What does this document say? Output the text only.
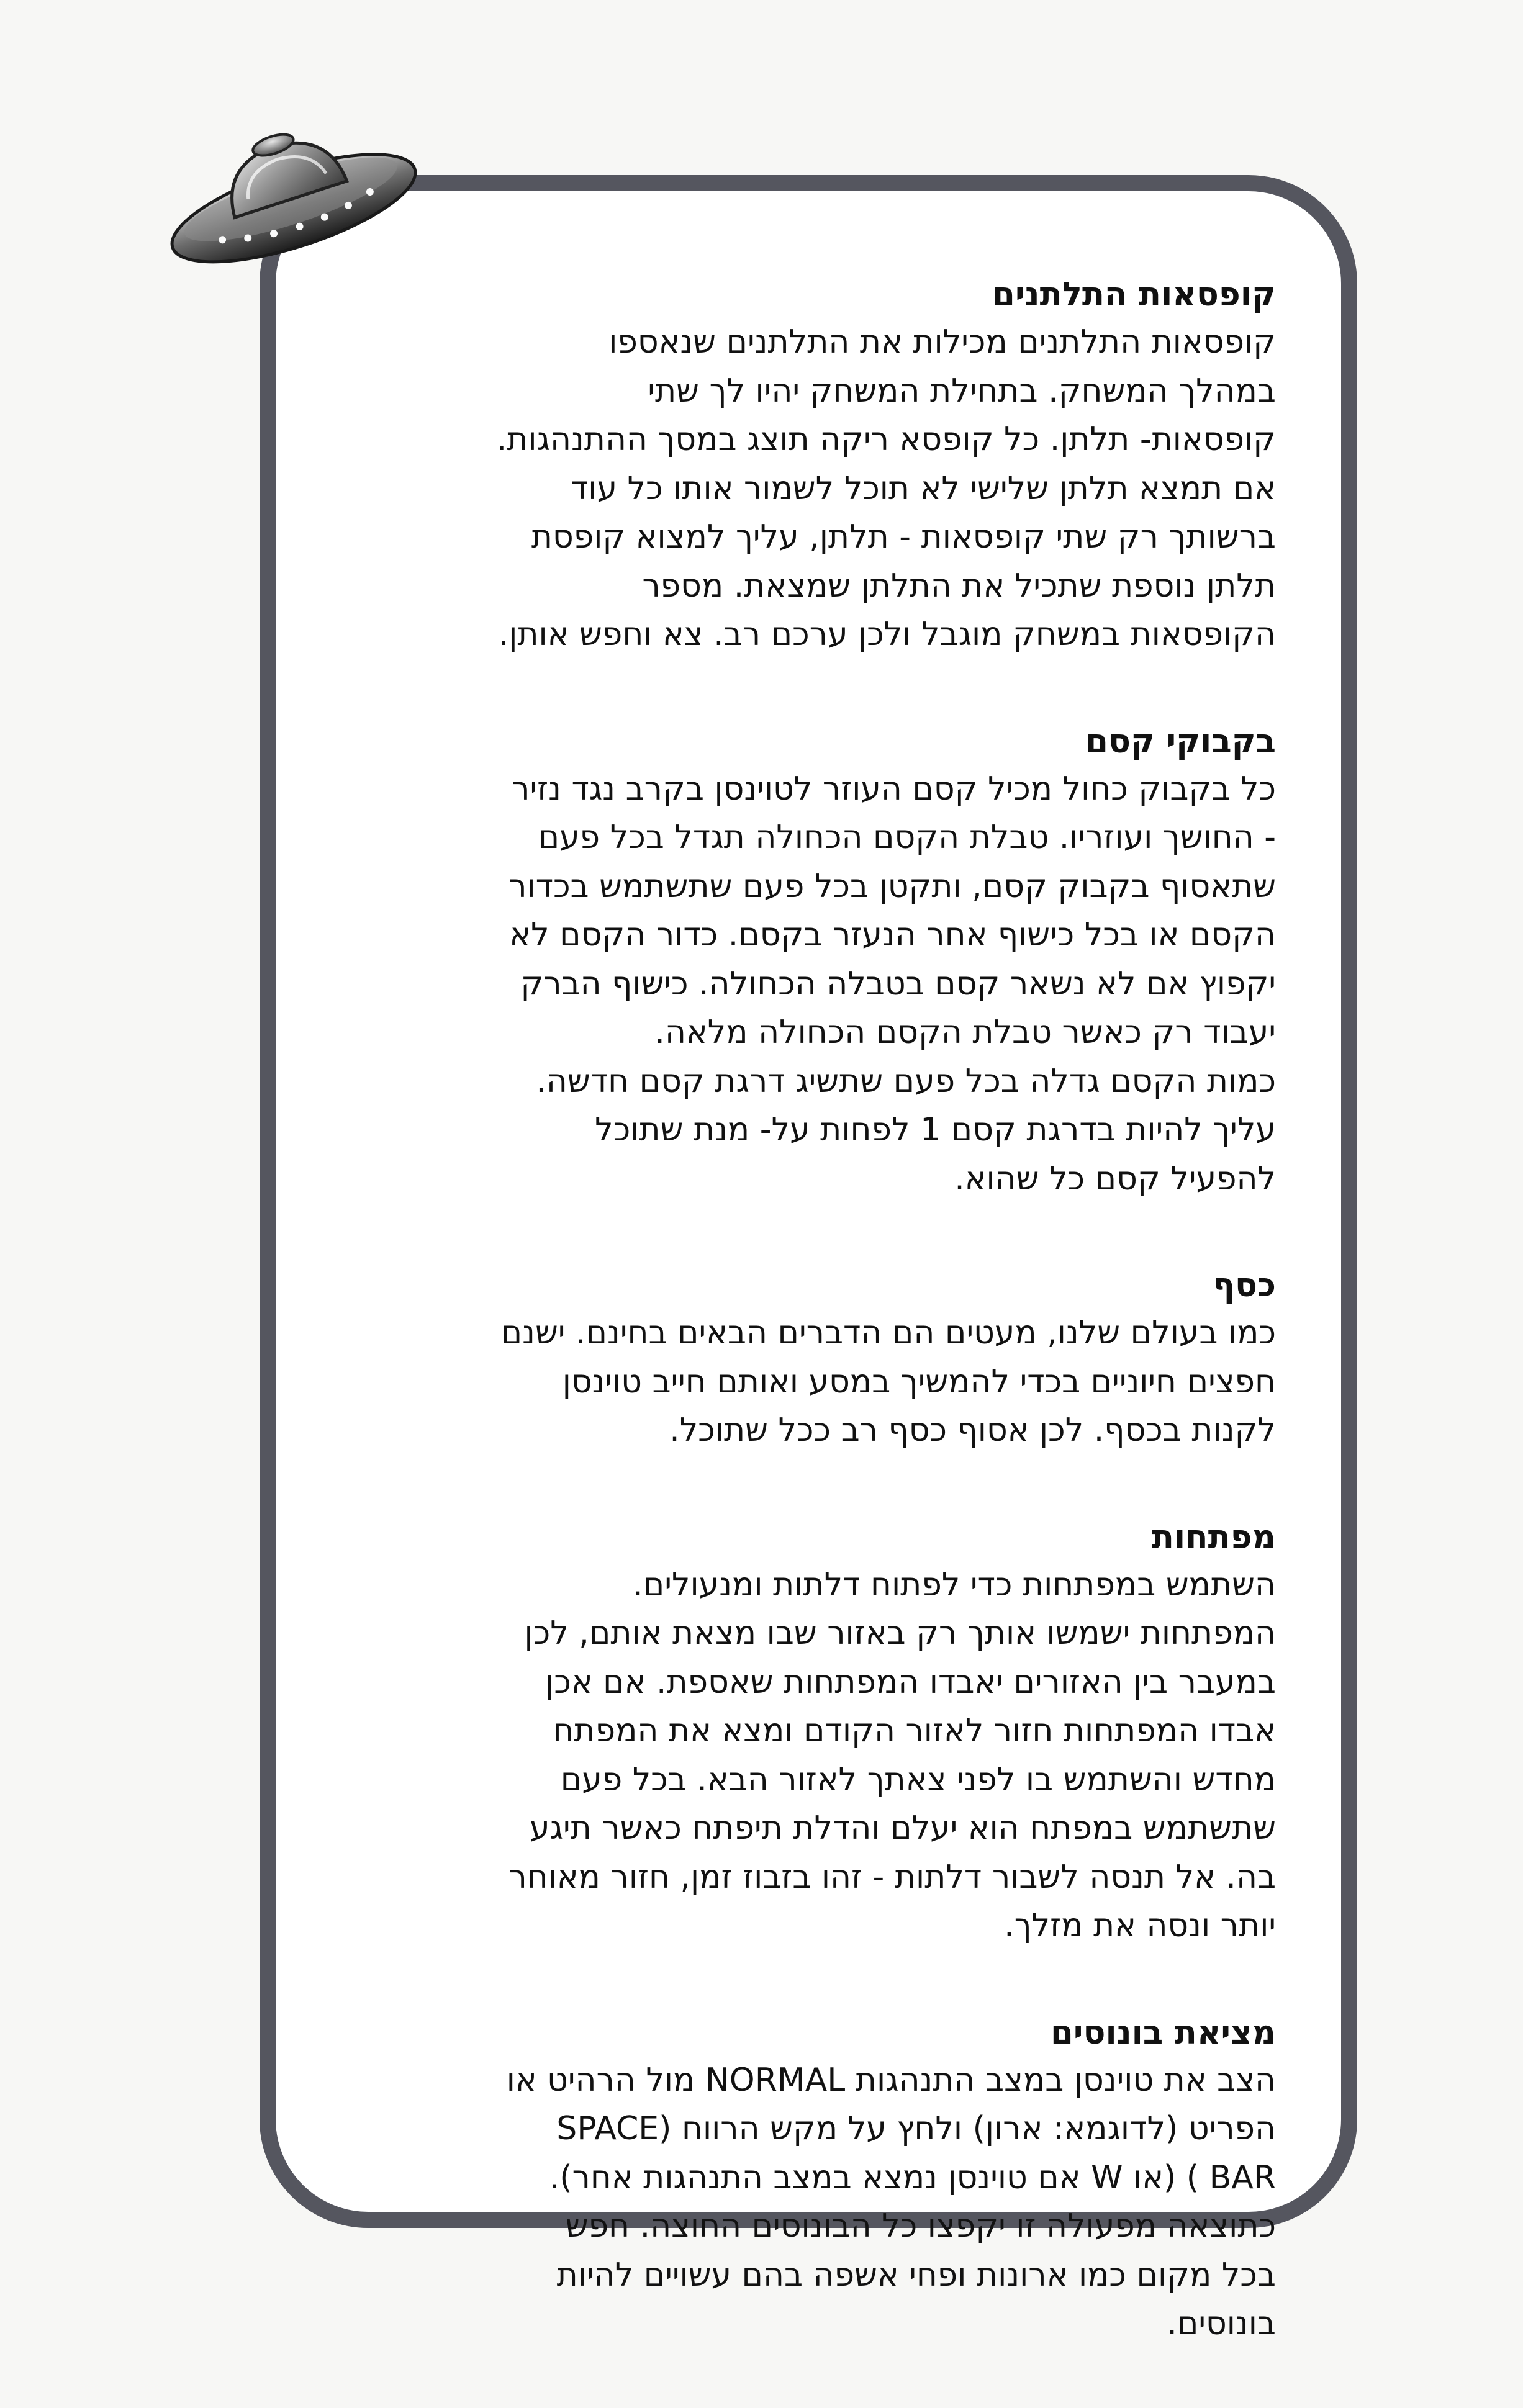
קופסאות התלתנים

קופסאות התלתנים מכילות את התלתנים שנאספו

במהלך המשחק. בתחילת המשחק יהיו לך שתי

קופסאות- תלתן. כל קופסא ריקה תוצג במסך ההתנהגות.

אם תמצא תלתן שלישי לא תוכל לשמור אותו כל עוד

ברשותך רק שתי קופסאות - תלתן, עליך למצוא קופסת

תלתן נוספת שתכיל את התלתן שמצאת. מספר

הקופסאות במשחק מוגבל ולכן ערכם רב. צא וחפש אותן.

בקבוקי קסם

כל בקבוק כחול מכיל קסם העוזר לטוינסן בקרב נגד נזיר

- החושך ועוזריו. טבלת הקסם הכחולה תגדל בכל פעם

שתאסוף בקבוק קסם, ותקטן בכל פעם שתשתמש בכדור

הקסם או בכל כישוף אחר הנעזר בקסם. כדור הקסם לא

יקפוץ אם לא נשאר קסם בטבלה הכחולה. כישוף הברק

יעבוד רק כאשר טבלת הקסם הכחולה מלאה.

כמות הקסם גדלה בכל פעם שתשיג דרגת קסם חדשה.

עליך להיות בדרגת קסם 1 לפחות על- מנת שתוכל

להפעיל קסם כל שהוא.

כסף

כמו בעולם שלנו, מעטים הם הדברים הבאים בחינם. ישנם

חפצים חיוניים בכדי להמשיך במסע ואותם חייב טוינסן

לקנות בכסף. לכן אסוף כסף רב ככל שתוכל.

מפתחות

השתמש במפתחות כדי לפתוח דלתות ומנעולים.

המפתחות ישמשו אותך רק באזור שבו מצאת אותם, לכן

במעבר בין האזורים יאבדו המפתחות שאספת. אם אכן

אבדו המפתחות חזור לאזור הקודם ומצא את המפתח

מחדש והשתמש בו לפני צאתך לאזור הבא. בכל פעם

שתשתמש במפתח הוא יעלם והדלת תיפתח כאשר תיגע

בה. אל תנסה לשבור דלתות - זהו בזבוז זמן, חזור מאוחר

יותר ונסה את מזלך.

מציאת בונוסים

הצב את טוינסן במצב התנהגות NORMAL מול הרהיט או

הפריט (לדוגמא: ארון) ולחץ על מקש הרווח (SPACE

BAR ) (או W אם טוינסן נמצא במצב התנהגות אחר).

כתוצאה מפעולה זו יקפצו כל הבונוסים החוצה. חפש

בכל מקום כמו ארונות ופחי אשפה בהם עשויים להיות

בונוסים.
